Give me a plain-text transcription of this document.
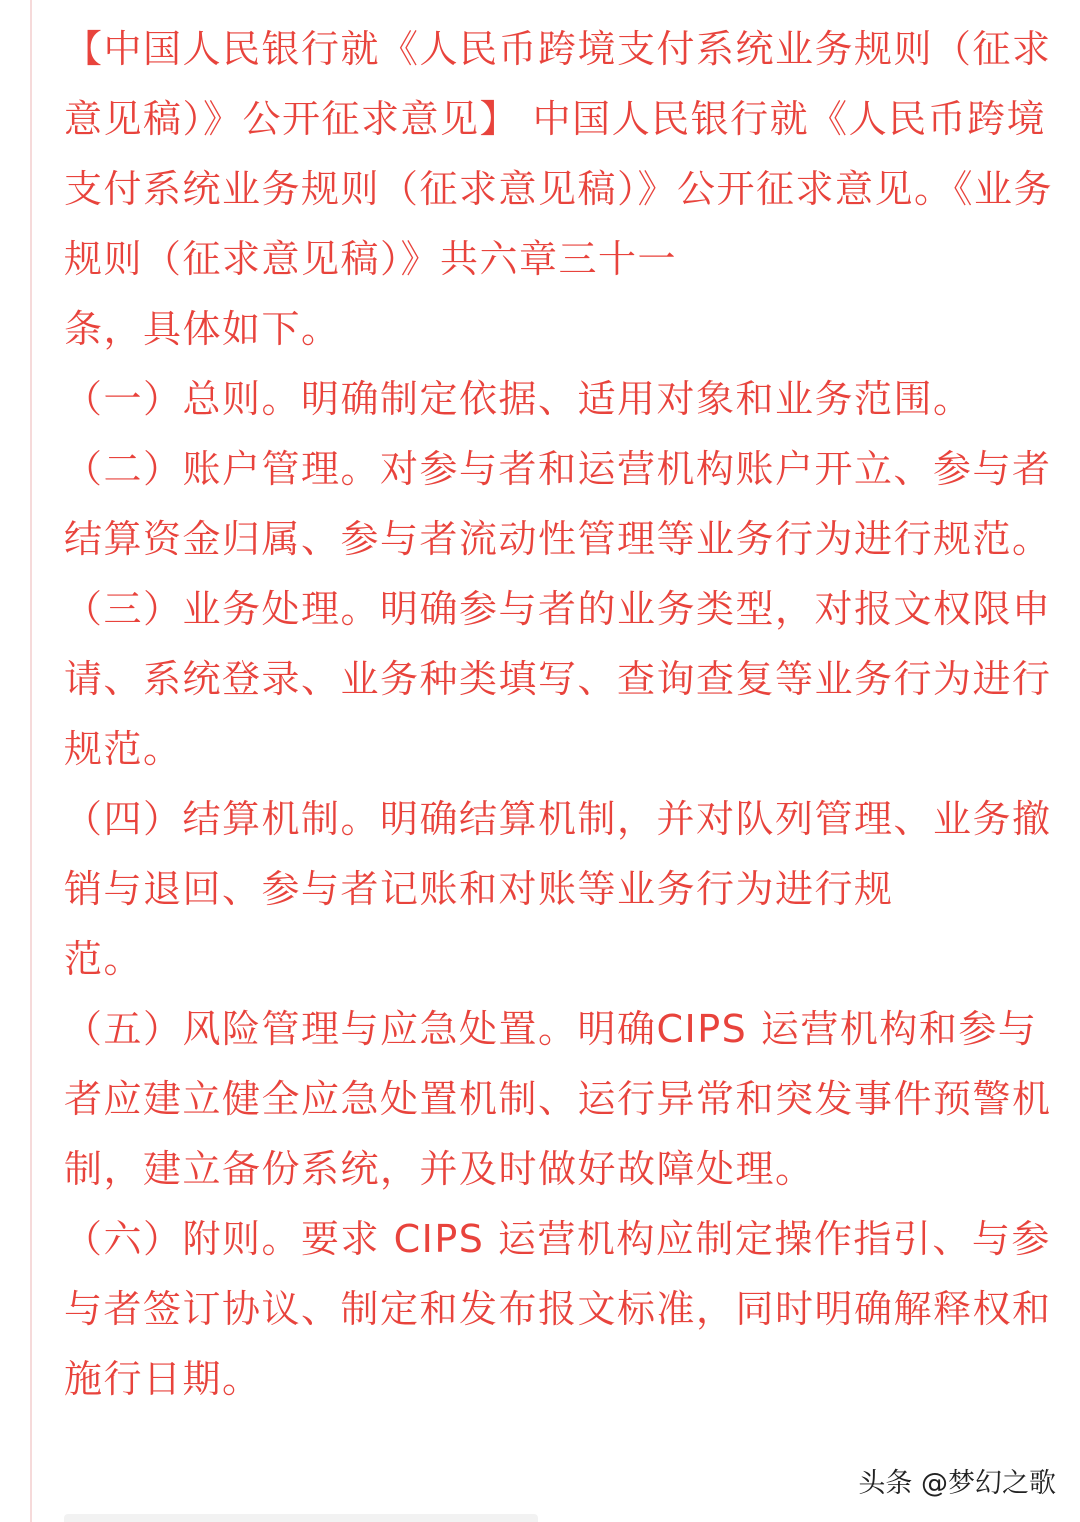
【中国人民银行就《人民币跨境支付系统业务规则（征求意见稿）》公开征求意见】 中国人民银行就《人民币跨境支付系统业务规则（征求意见稿）》公开征求意见。《业务规则（征求意见稿）》共六章三十一
条，具体如下。

（一）总则。明确制定依据、适用对象和业务范围。

（二）账户管理。对参与者和运营机构账户开立、参与者结算资金归属、参与者流动性管理等业务行为进行规范。

（三）业务处理。明确参与者的业务类型，对报文权限申请、系统登录、业务种类填写、查询查复等业务行为进行规范。

（四）结算机制。明确结算机制，并对队列管理、业务撤销与退回、参与者记账和对账等业务行为进行规
范。

（五）风险管理与应急处置。明确CIPS 运营机构和参与者应建立健全应急处置机制、运行异常和突发事件预警机制，建立备份系统，并及时做好故障处理。

（六）附则。要求 CIPS 运营机构应制定操作指引、与参与者签订协议、制定和发布报文标准，同时明确解释权和施行日期。

头条 @梦幻之歌
